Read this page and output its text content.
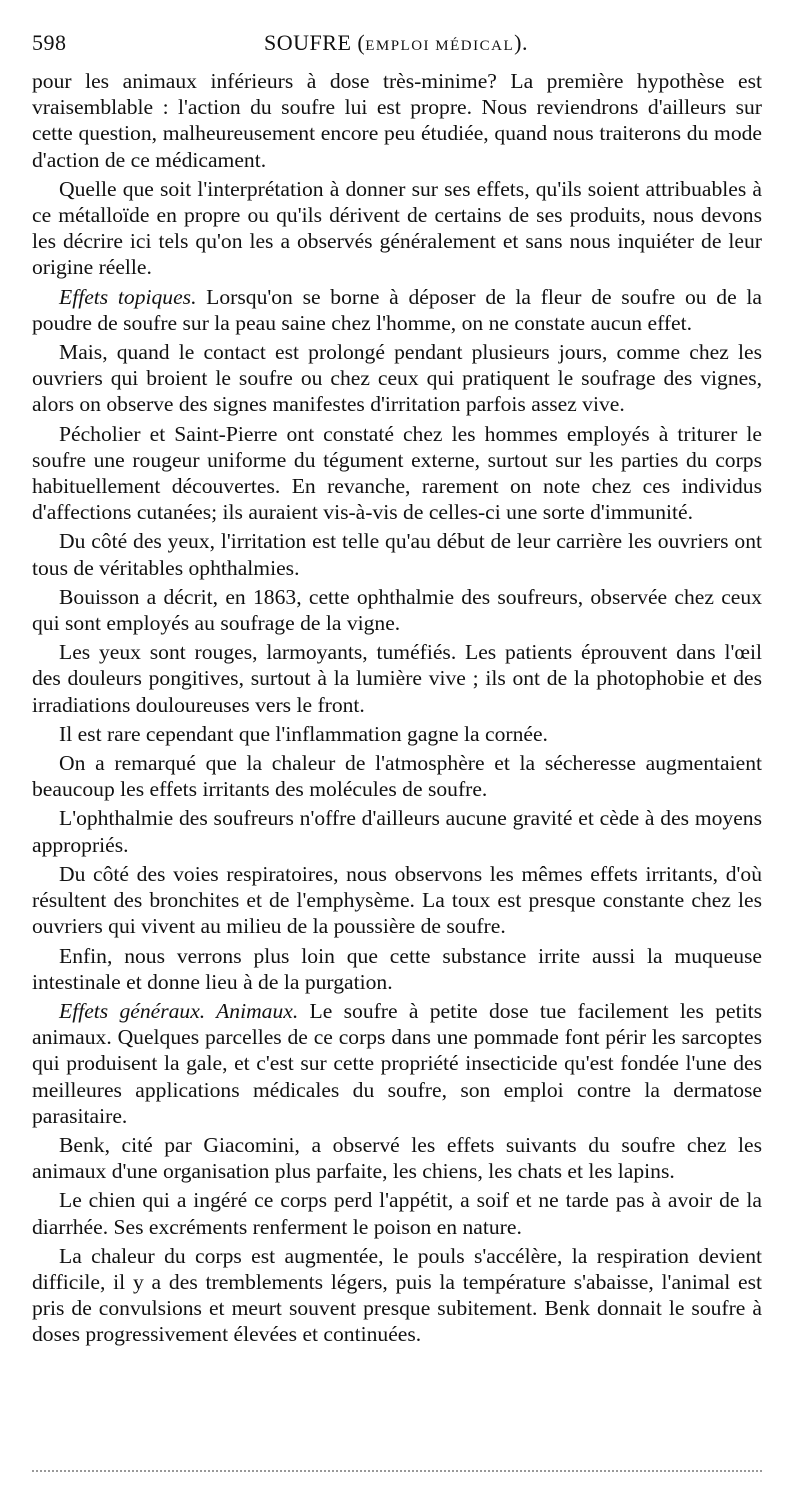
598	SOUFRE (EMPLOI MÉDICAL).

pour les animaux inférieurs à dose très-minime? La première hypothèse est vraisemblable : l'action du soufre lui est propre. Nous reviendrons d'ailleurs sur cette question, malheureusement encore peu étudiée, quand nous traiterons du mode d'action de ce médicament.

Quelle que soit l'interprétation à donner sur ses effets, qu'ils soient attribuables à ce métalloïde en propre ou qu'ils dérivent de certains de ses produits, nous devons les décrire ici tels qu'on les a observés généralement et sans nous inquiéter de leur origine réelle.

Effets topiques. Lorsqu'on se borne à déposer de la fleur de soufre ou de la poudre de soufre sur la peau saine chez l'homme, on ne constate aucun effet.

Mais, quand le contact est prolongé pendant plusieurs jours, comme chez les ouvriers qui broient le soufre ou chez ceux qui pratiquent le soufrage des vignes, alors on observe des signes manifestes d'irritation parfois assez vive.

Pécholier et Saint-Pierre ont constaté chez les hommes employés à triturer le soufre une rougeur uniforme du tégument externe, surtout sur les parties du corps habituellement découvertes. En revanche, rarement on note chez ces individus d'affections cutanées; ils auraient vis-à-vis de celles-ci une sorte d'immunité.

Du côté des yeux, l'irritation est telle qu'au début de leur carrière les ouvriers ont tous de véritables ophthalmies.

Bouisson a décrit, en 1863, cette ophthalmie des soufreurs, observée chez ceux qui sont employés au soufrage de la vigne.

Les yeux sont rouges, larmoyants, tuméfiés. Les patients éprouvent dans l'œil des douleurs pongitives, surtout à la lumière vive ; ils ont de la photophobie et des irradiations douloureuses vers le front.

Il est rare cependant que l'inflammation gagne la cornée.

On a remarqué que la chaleur de l'atmosphère et la sécheresse augmentaient beaucoup les effets irritants des molécules de soufre.

L'ophthalmie des soufreurs n'offre d'ailleurs aucune gravité et cède à des moyens appropriés.

Du côté des voies respiratoires, nous observons les mêmes effets irritants, d'où résultent des bronchites et de l'emphysème. La toux est presque constante chez les ouvriers qui vivent au milieu de la poussière de soufre.

Enfin, nous verrons plus loin que cette substance irrite aussi la muqueuse intestinale et donne lieu à de la purgation.

Effets généraux. Animaux. Le soufre à petite dose tue facilement les petits animaux. Quelques parcelles de ce corps dans une pommade font périr les sarcoptes qui produisent la gale, et c'est sur cette propriété insecticide qu'est fondée l'une des meilleures applications médicales du soufre, son emploi contre la dermatose parasitaire.

Benk, cité par Giacomini, a observé les effets suivants du soufre chez les animaux d'une organisation plus parfaite, les chiens, les chats et les lapins.

Le chien qui a ingéré ce corps perd l'appétit, a soif et ne tarde pas à avoir de la diarrhée. Ses excréments renferment le poison en nature.

La chaleur du corps est augmentée, le pouls s'accélère, la respiration devient difficile, il y a des tremblements légers, puis la température s'abaisse, l'animal est pris de convulsions et meurt souvent presque subitement. Benk donnait le soufre à doses progressivement élevées et continuées.
